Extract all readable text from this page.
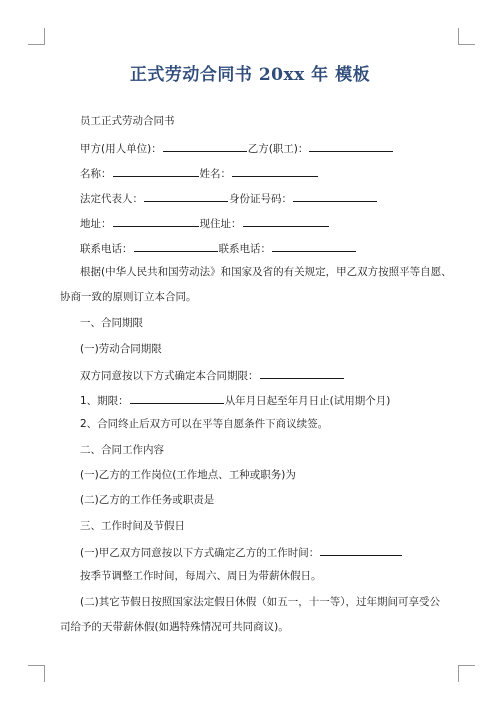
正式劳动合同书 20xx 年 模板
员工正式劳动合同书
甲方(用人单位)：	乙方(职工)：
名称：	姓名：
法定代表人：	身份证号码：
地址：	现住址：
联系电话：	联系电话：
根据(中华人民共和国劳动法》和国家及省的有关规定，甲乙双方按照平等自愿、
协商一致的原则订立本合同。
一、合同期限
(一)劳动合同期限
双方同意按以下方式确定本合同期限：
1、期限：	从年月日起至年月日止(试用期个月)
2、合同终止后双方可以在平等自愿条件下商议续签。
二、合同工作内容
(一)乙方的工作岗位(工作地点、工种或职务)为
(二)乙方的工作任务或职责是
三、工作时间及节假日
(一)甲乙双方同意按以下方式确定乙方的工作时间：
按季节调整工作时间，每周六、周日为带薪休假日。
(二)其它节假日按照国家法定假日休假（如五一，十一等），过年期间可享受公
司给予的天带薪休假(如遇特殊情况可共同商议)。
